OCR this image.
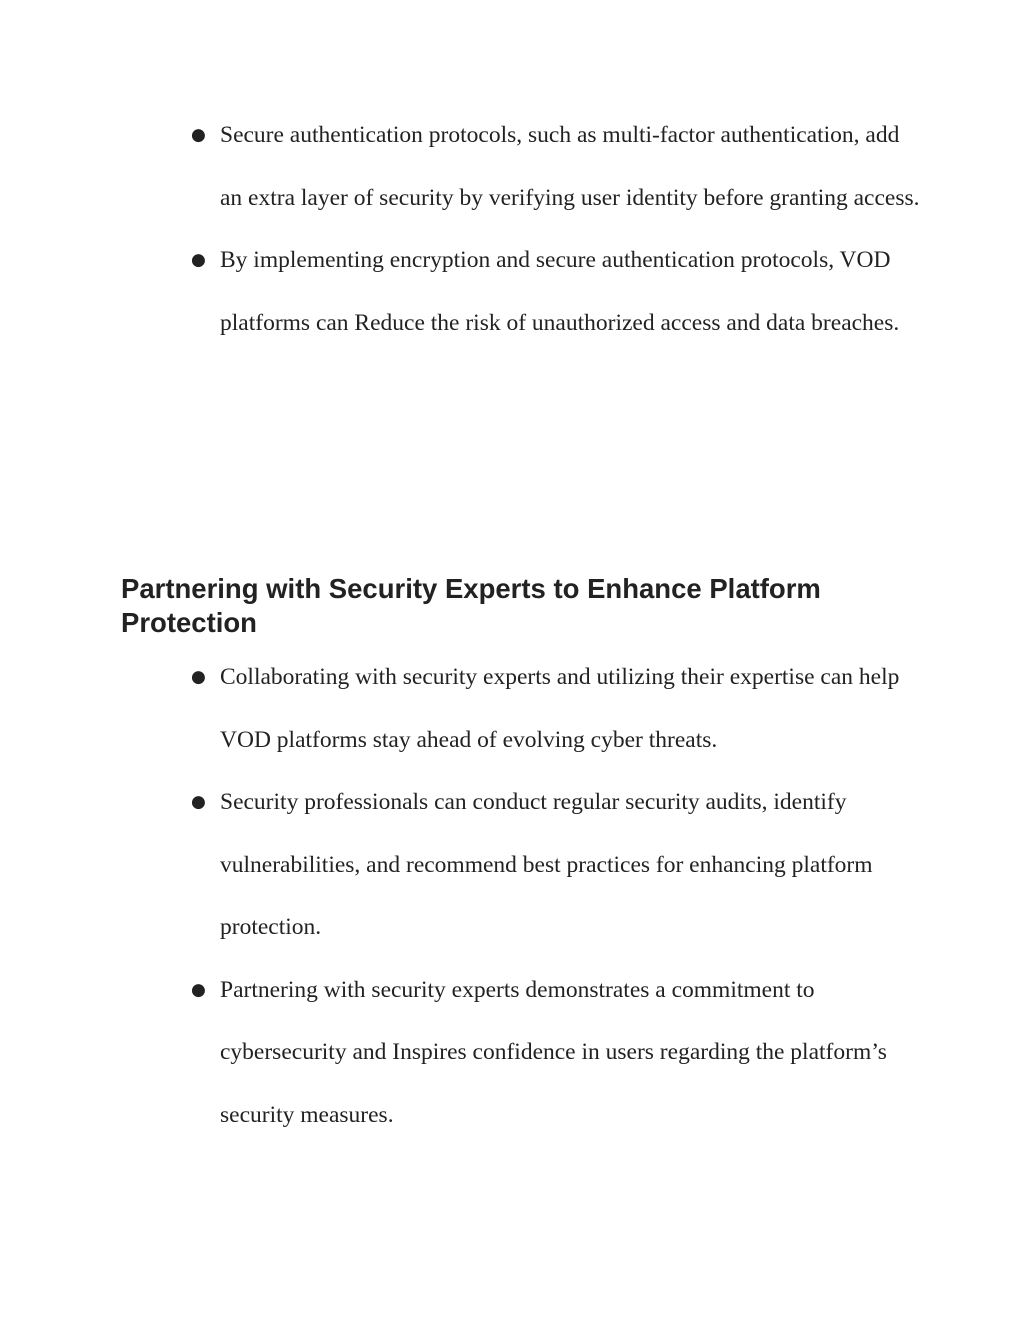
● Secure authentication protocols, such as multi-factor authentication, add an extra layer of security by verifying user identity before granting access.
● By implementing encryption and secure authentication protocols, VOD platforms can Reduce the risk of unauthorized access and data breaches.
Partnering with Security Experts to Enhance Platform Protection
● Collaborating with security experts and utilizing their expertise can help VOD platforms stay ahead of evolving cyber threats.
● Security professionals can conduct regular security audits, identify vulnerabilities, and recommend best practices for enhancing platform protection.
● Partnering with security experts demonstrates a commitment to cybersecurity and Inspires confidence in users regarding the platform’s security measures.
